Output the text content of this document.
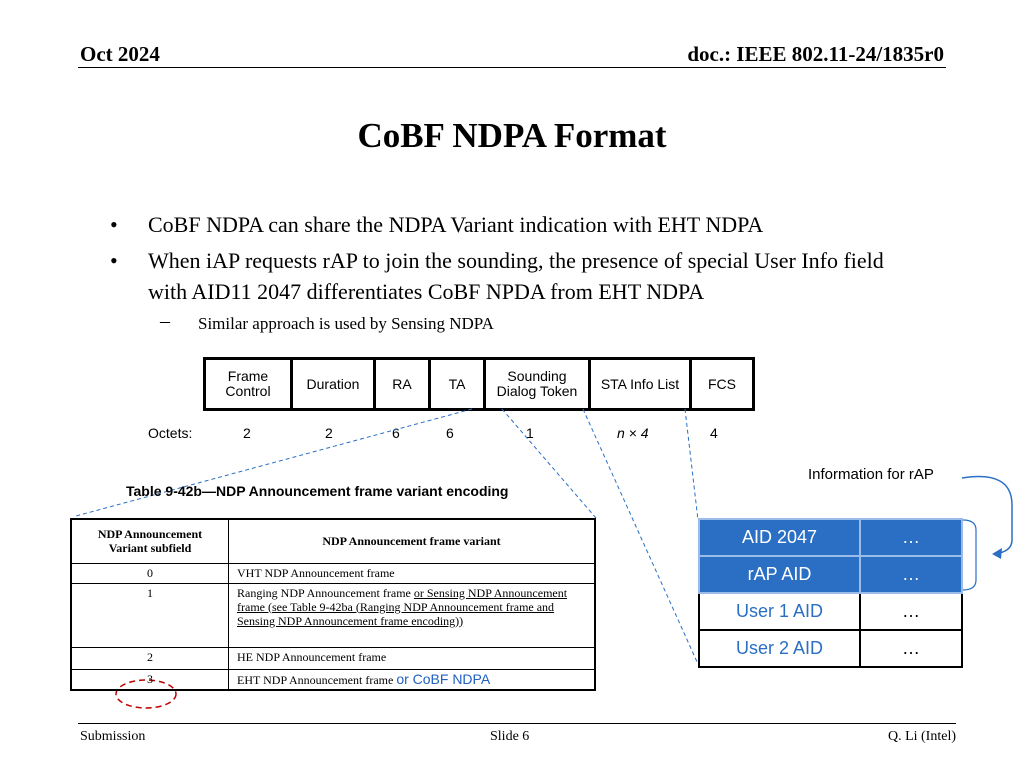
Oct 2024	doc.: IEEE 802.11-24/1835r0
CoBF NDPA Format
• CoBF NDPA can share the NDPA Variant indication with EHT NDPA
• When iAP requests rAP to join the sounding, the presence of special User Info field with AID11 2047 differentiates CoBF NPDA from EHT NDPA
– Similar approach is used by Sensing NDPA
Frame Control	Duration	RA	TA	Sounding Dialog Token	STA Info List	FCS
Octets:	2	2	6	6	1	n × 4	4
Table 9-42b—NDP Announcement frame variant encoding
NDP Announcement Variant subfield	NDP Announcement frame variant
0	VHT NDP Announcement frame
1	Ranging NDP Announcement frame or Sensing NDP Announcement frame (see Table 9-42ba (Ranging NDP Announcement frame and Sensing NDP Announcement frame encoding))
2	HE NDP Announcement frame
3	EHT NDP Announcement frame or CoBF NDPA
Information for rAP
AID 2047	…
rAP AID	…
User 1 AID	…
User 2 AID	…
Submission	Slide 6	Q. Li (Intel)
